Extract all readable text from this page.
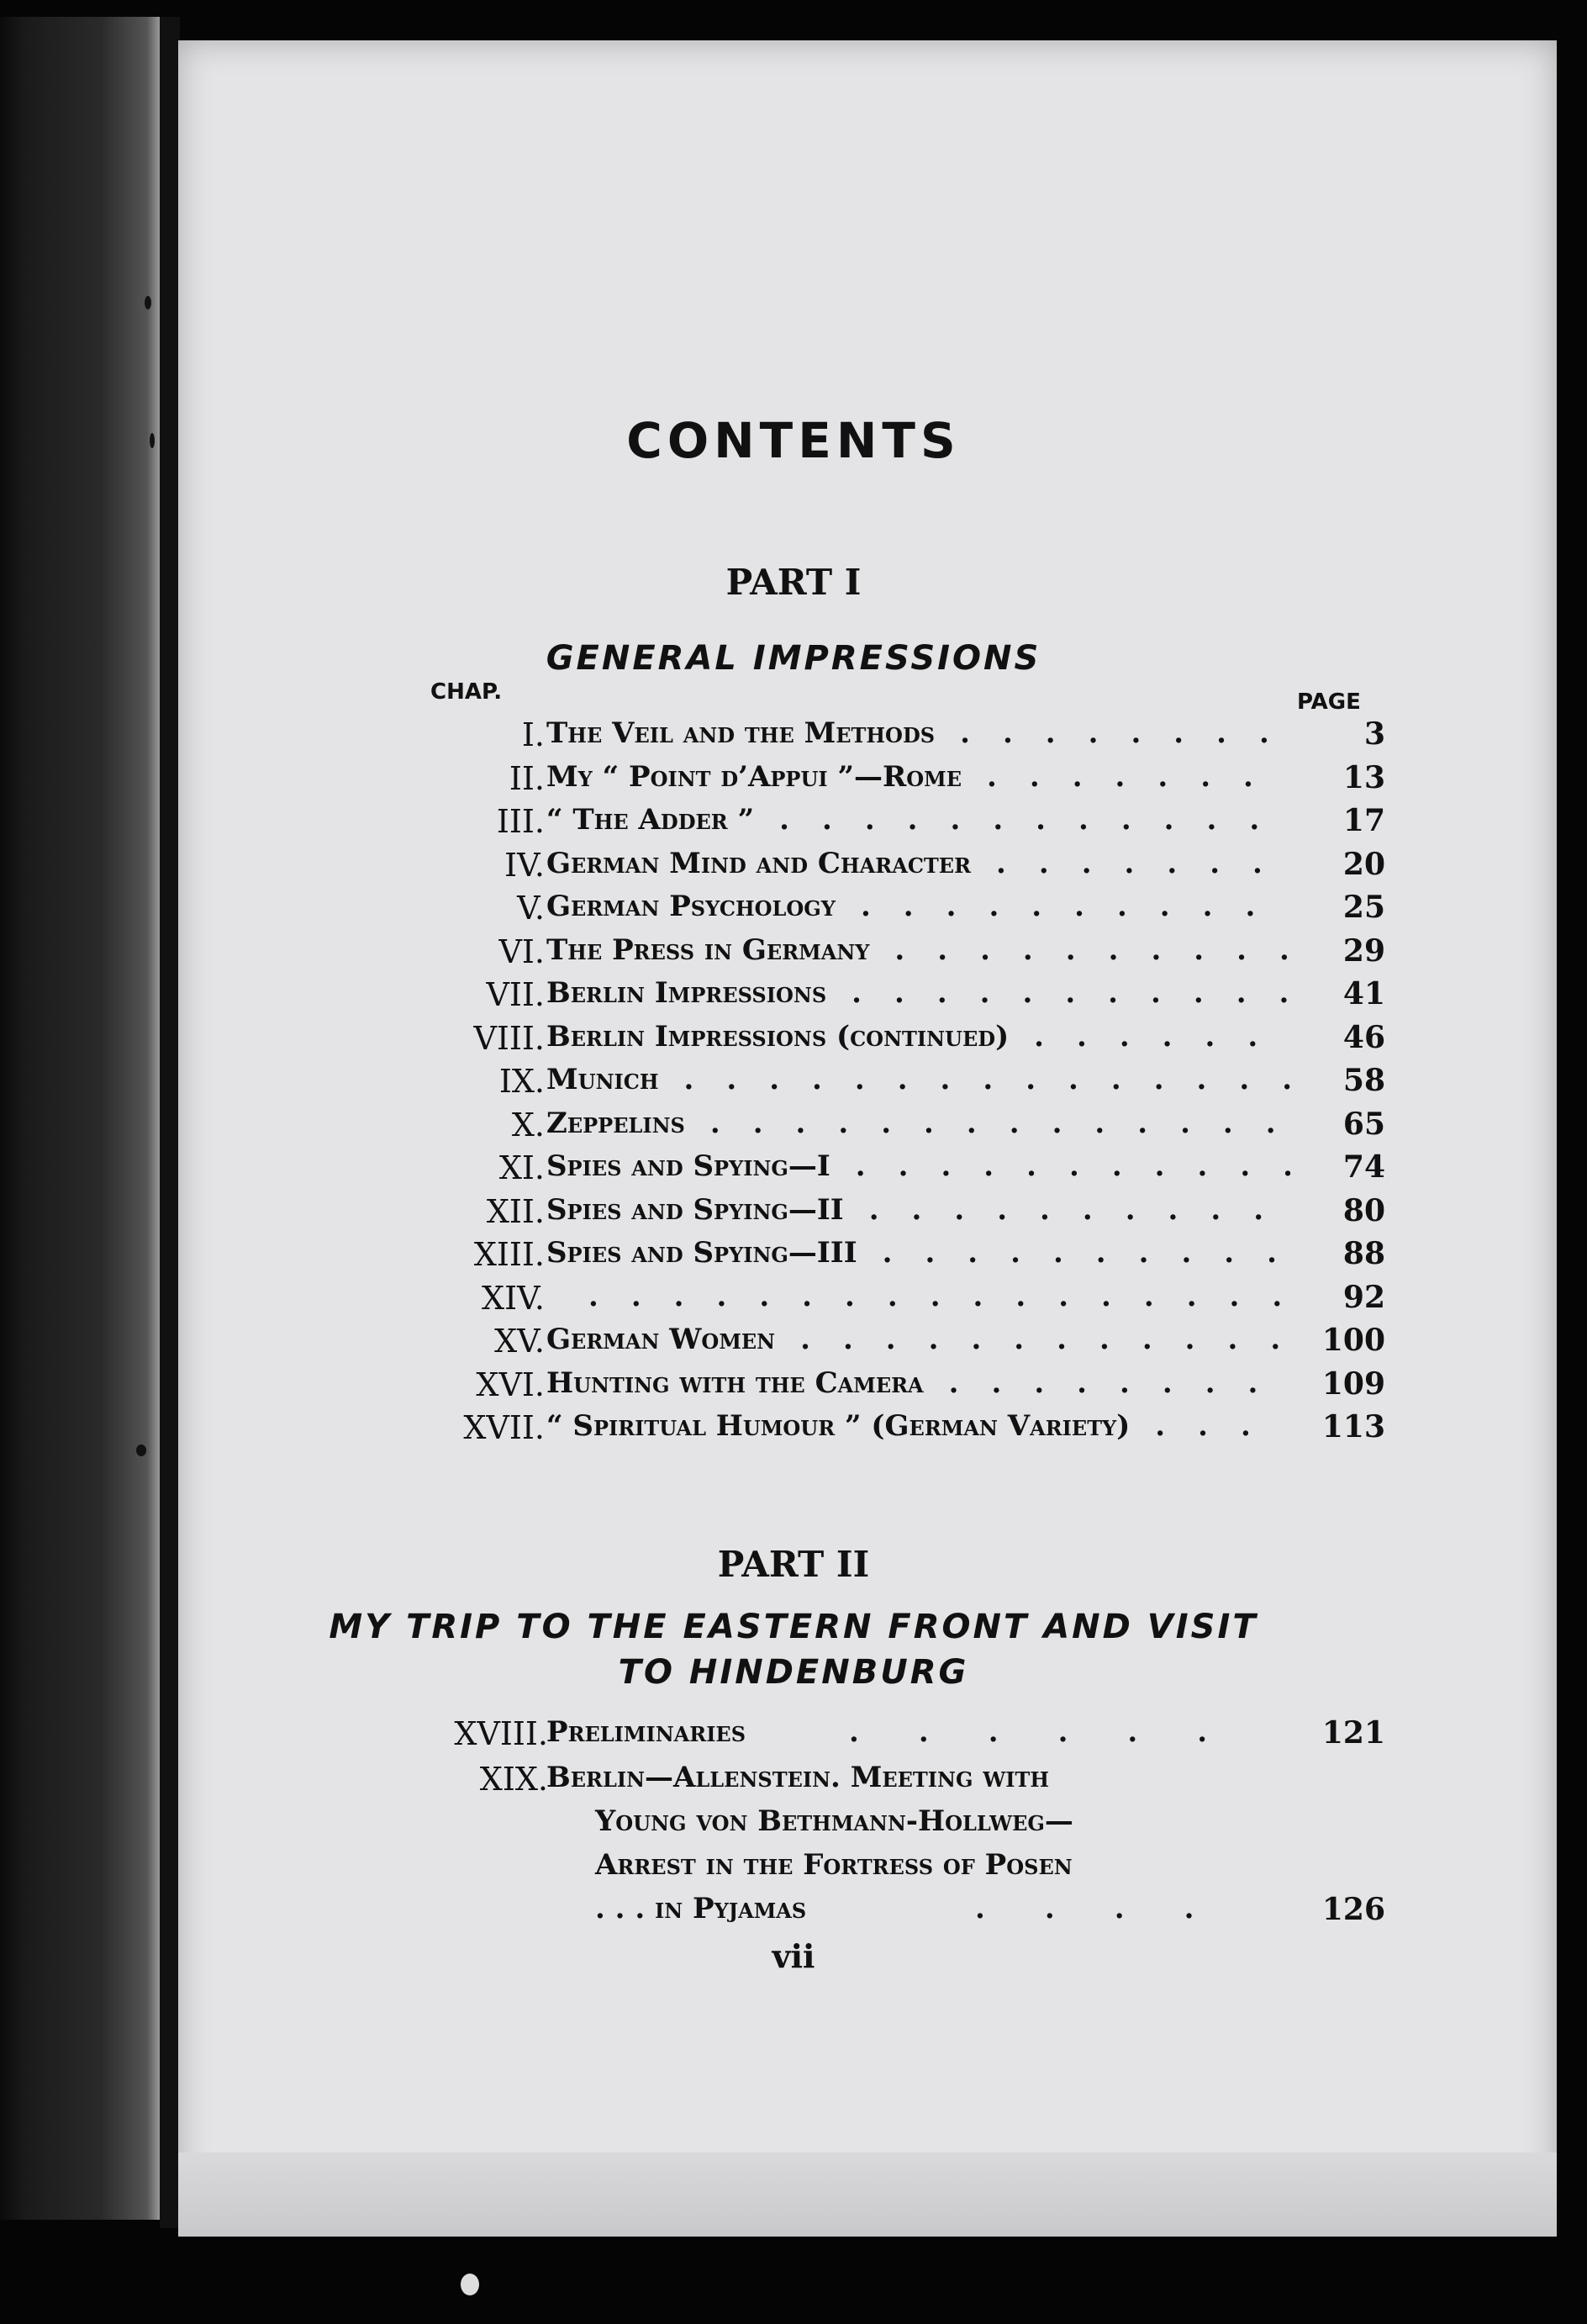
CONTENTS
PART I
GENERAL IMPRESSIONS
CHAP.	PAGE
I. The Veil and the Methods	3
........
II. My “ Point d’Appui ”—Rome	13
.......
III. “ The Adder ”	17
............
IV. German Mind and Character	20
.......
V. German Psychology	25
..........
VI. The Press in Germany	29
..........
VII. Berlin Impressions	41
...........
VIII. Berlin Impressions (continued)	46
......
IX. Munich	58
...............
X. Zeppelins	65
..............
XI. Spies and Spying—I	74
...........
XII. Spies and Spying—II	80
..........
XIII. Spies and Spying—III	88
..........
XIV.	92
.................
XV. German Women	100
............
XVI. Hunting with the Camera	109
........
XVII. “ Spiritual Humour ” (German Variety)	113
...
PART II
MY TRIP TO THE EASTERN FRONT AND VISIT
TO HINDENBURG
XVIII.
Preliminaries	.      .      .      .      .      .	121
XIX.
Berlin—Allenstein. Meeting with
Young von Bethmann-Hollweg—
Arrest in the Fortress of Posen
. . . in Pyjamas	.      .      .      .	126
vii
